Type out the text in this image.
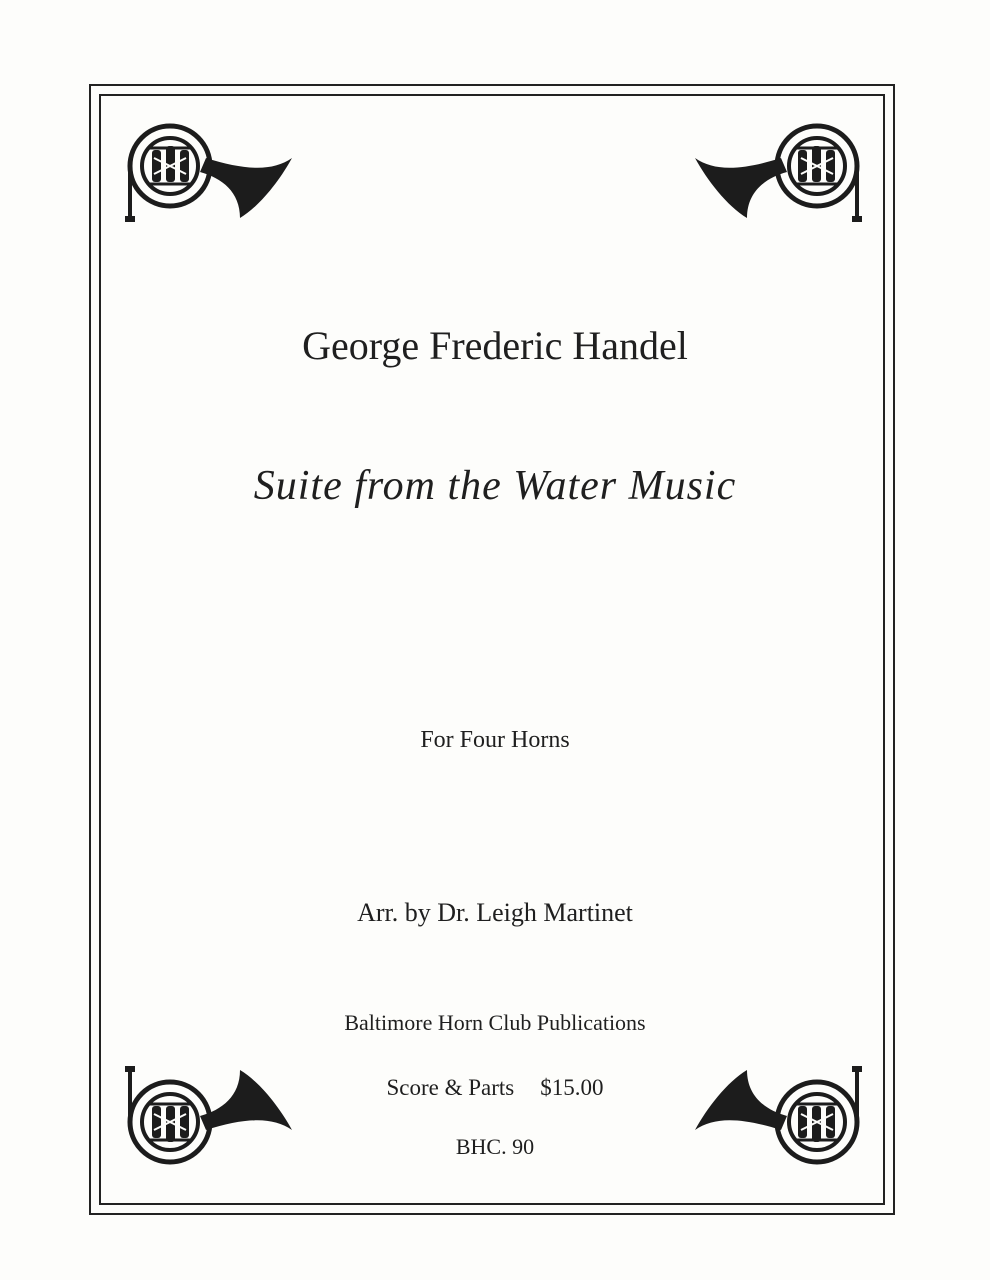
George Frederic Handel
Suite from the Water Music
For Four Horns
Arr. by Dr. Leigh Martinet
Baltimore Horn Club Publications
Score & Parts $15.00
BHC. 90
